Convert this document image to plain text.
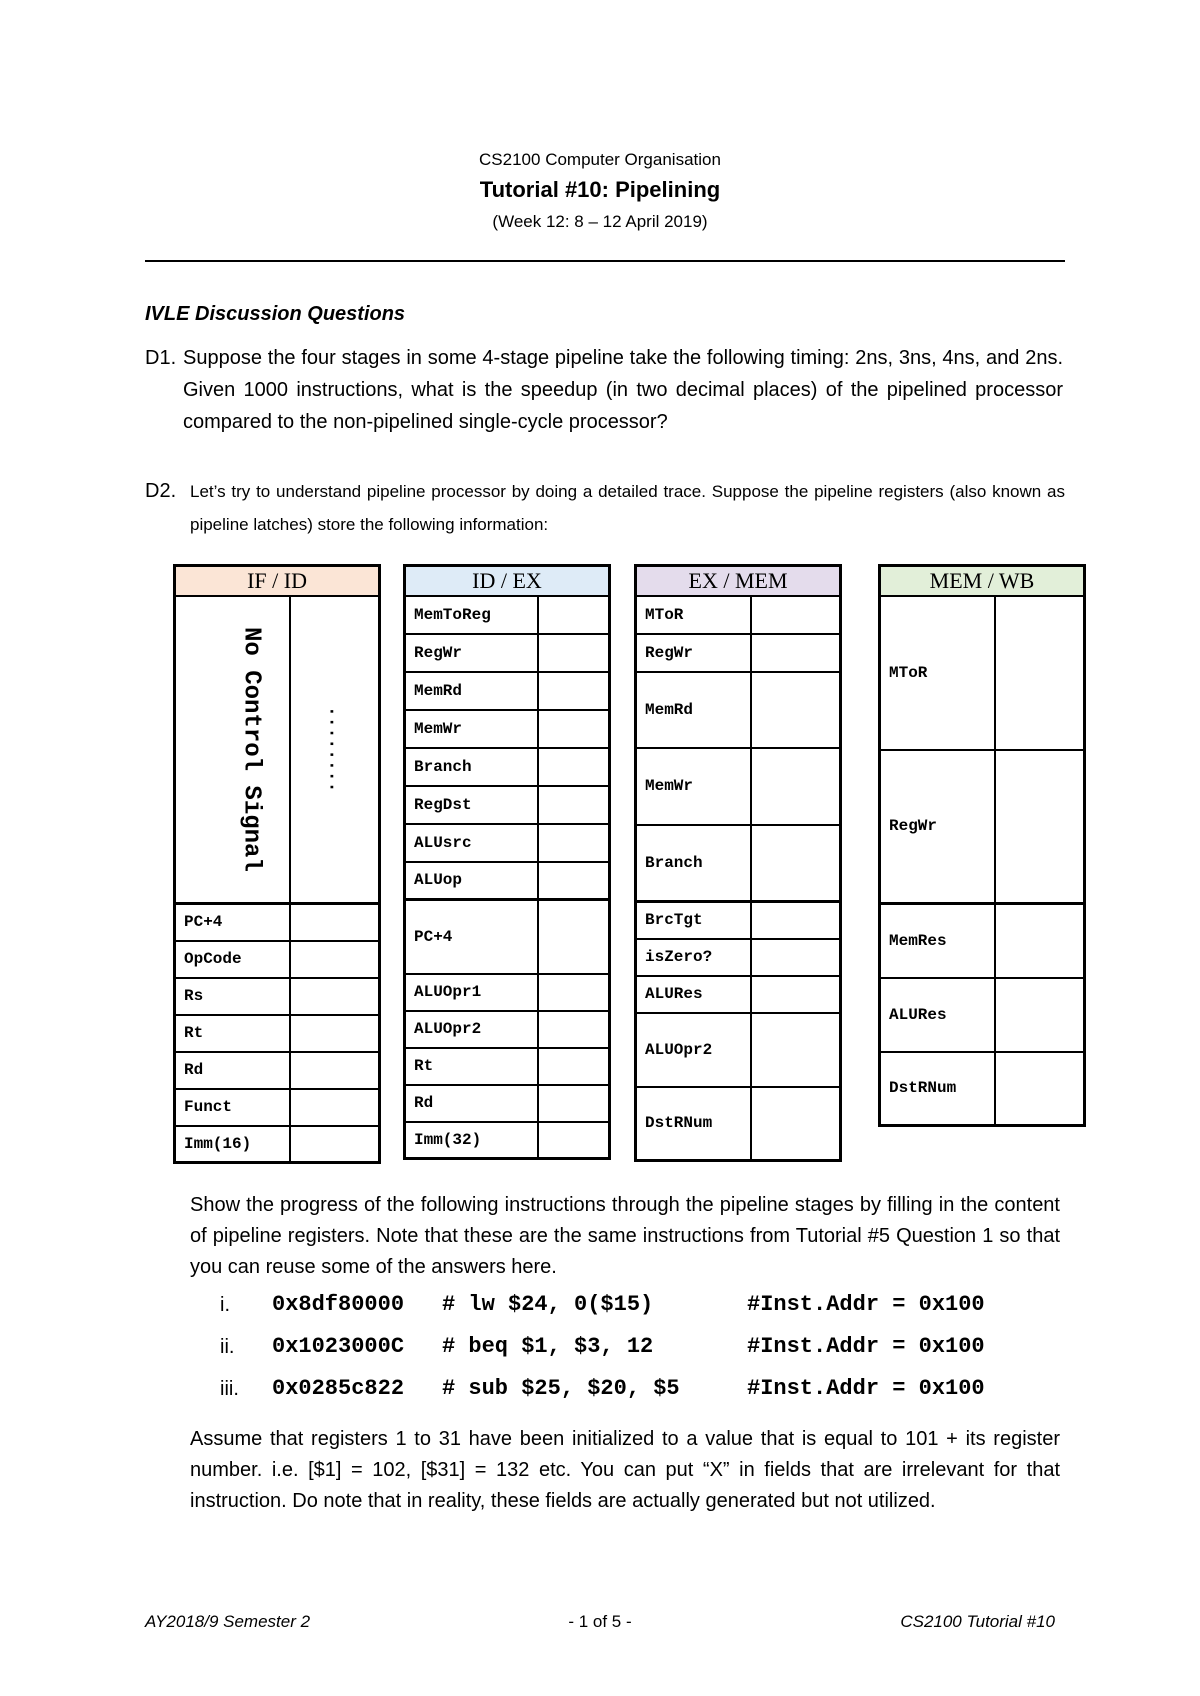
CS2100 Computer Organisation
Tutorial #10: Pipelining
(Week 12: 8 – 12 April 2019)
IVLE Discussion Questions
D1. Suppose the four stages in some 4-stage pipeline take the following timing: 2ns, 3ns, 4ns, and 2ns. Given 1000 instructions, what is the speedup (in two decimal places) of the pipelined processor compared to the non-pipelined single-cycle processor?
D2. Let’s try to understand pipeline processor by doing a detailed trace. Suppose the pipeline registers (also known as pipeline latches) store the following information:
IF / ID	

No Control Signal	........

PC+4	
OpCode	
Rs	
Rt	
Rd	
Funct	
Imm(16)	
ID / EX	
MemToReg	
RegWr	
MemRd	
MemWr	
Branch	
RegDst	
ALUsrc	
ALUop	
PC+4	
ALUOpr1	
ALUOpr2	
Rt	
Rd	
Imm(32)	
EX / MEM	
MToR	
RegWr	
MemRd	
MemWr	
Branch	
BrcTgt	
isZero?	
ALURes	
ALUOpr2	
DstRNum	
MEM / WB	
MToR	
RegWr	
MemRes	
ALURes	
DstRNum	
Show the progress of the following instructions through the pipeline stages by filling in the content of pipeline registers. Note that these are the same instructions from Tutorial #5 Question 1 so that you can reuse some of the answers here.
i. 0x8df80000 # lw $24, 0($15)	#Inst.Addr = 0x100
ii. 0x1023000C # beq $1, $3, 12	#Inst.Addr = 0x100
iii. 0x0285c822 # sub $25, $20, $5	#Inst.Addr = 0x100
Assume that registers 1 to 31 have been initialized to a value that is equal to 101 + its register number. i.e. [$1] = 102, [$31] = 132 etc. You can put “X” in fields that are irrelevant for that instruction. Do note that in reality, these fields are actually generated but not utilized.
AY2018/9 Semester 2	- 1 of 5 -	CS2100 Tutorial #10
